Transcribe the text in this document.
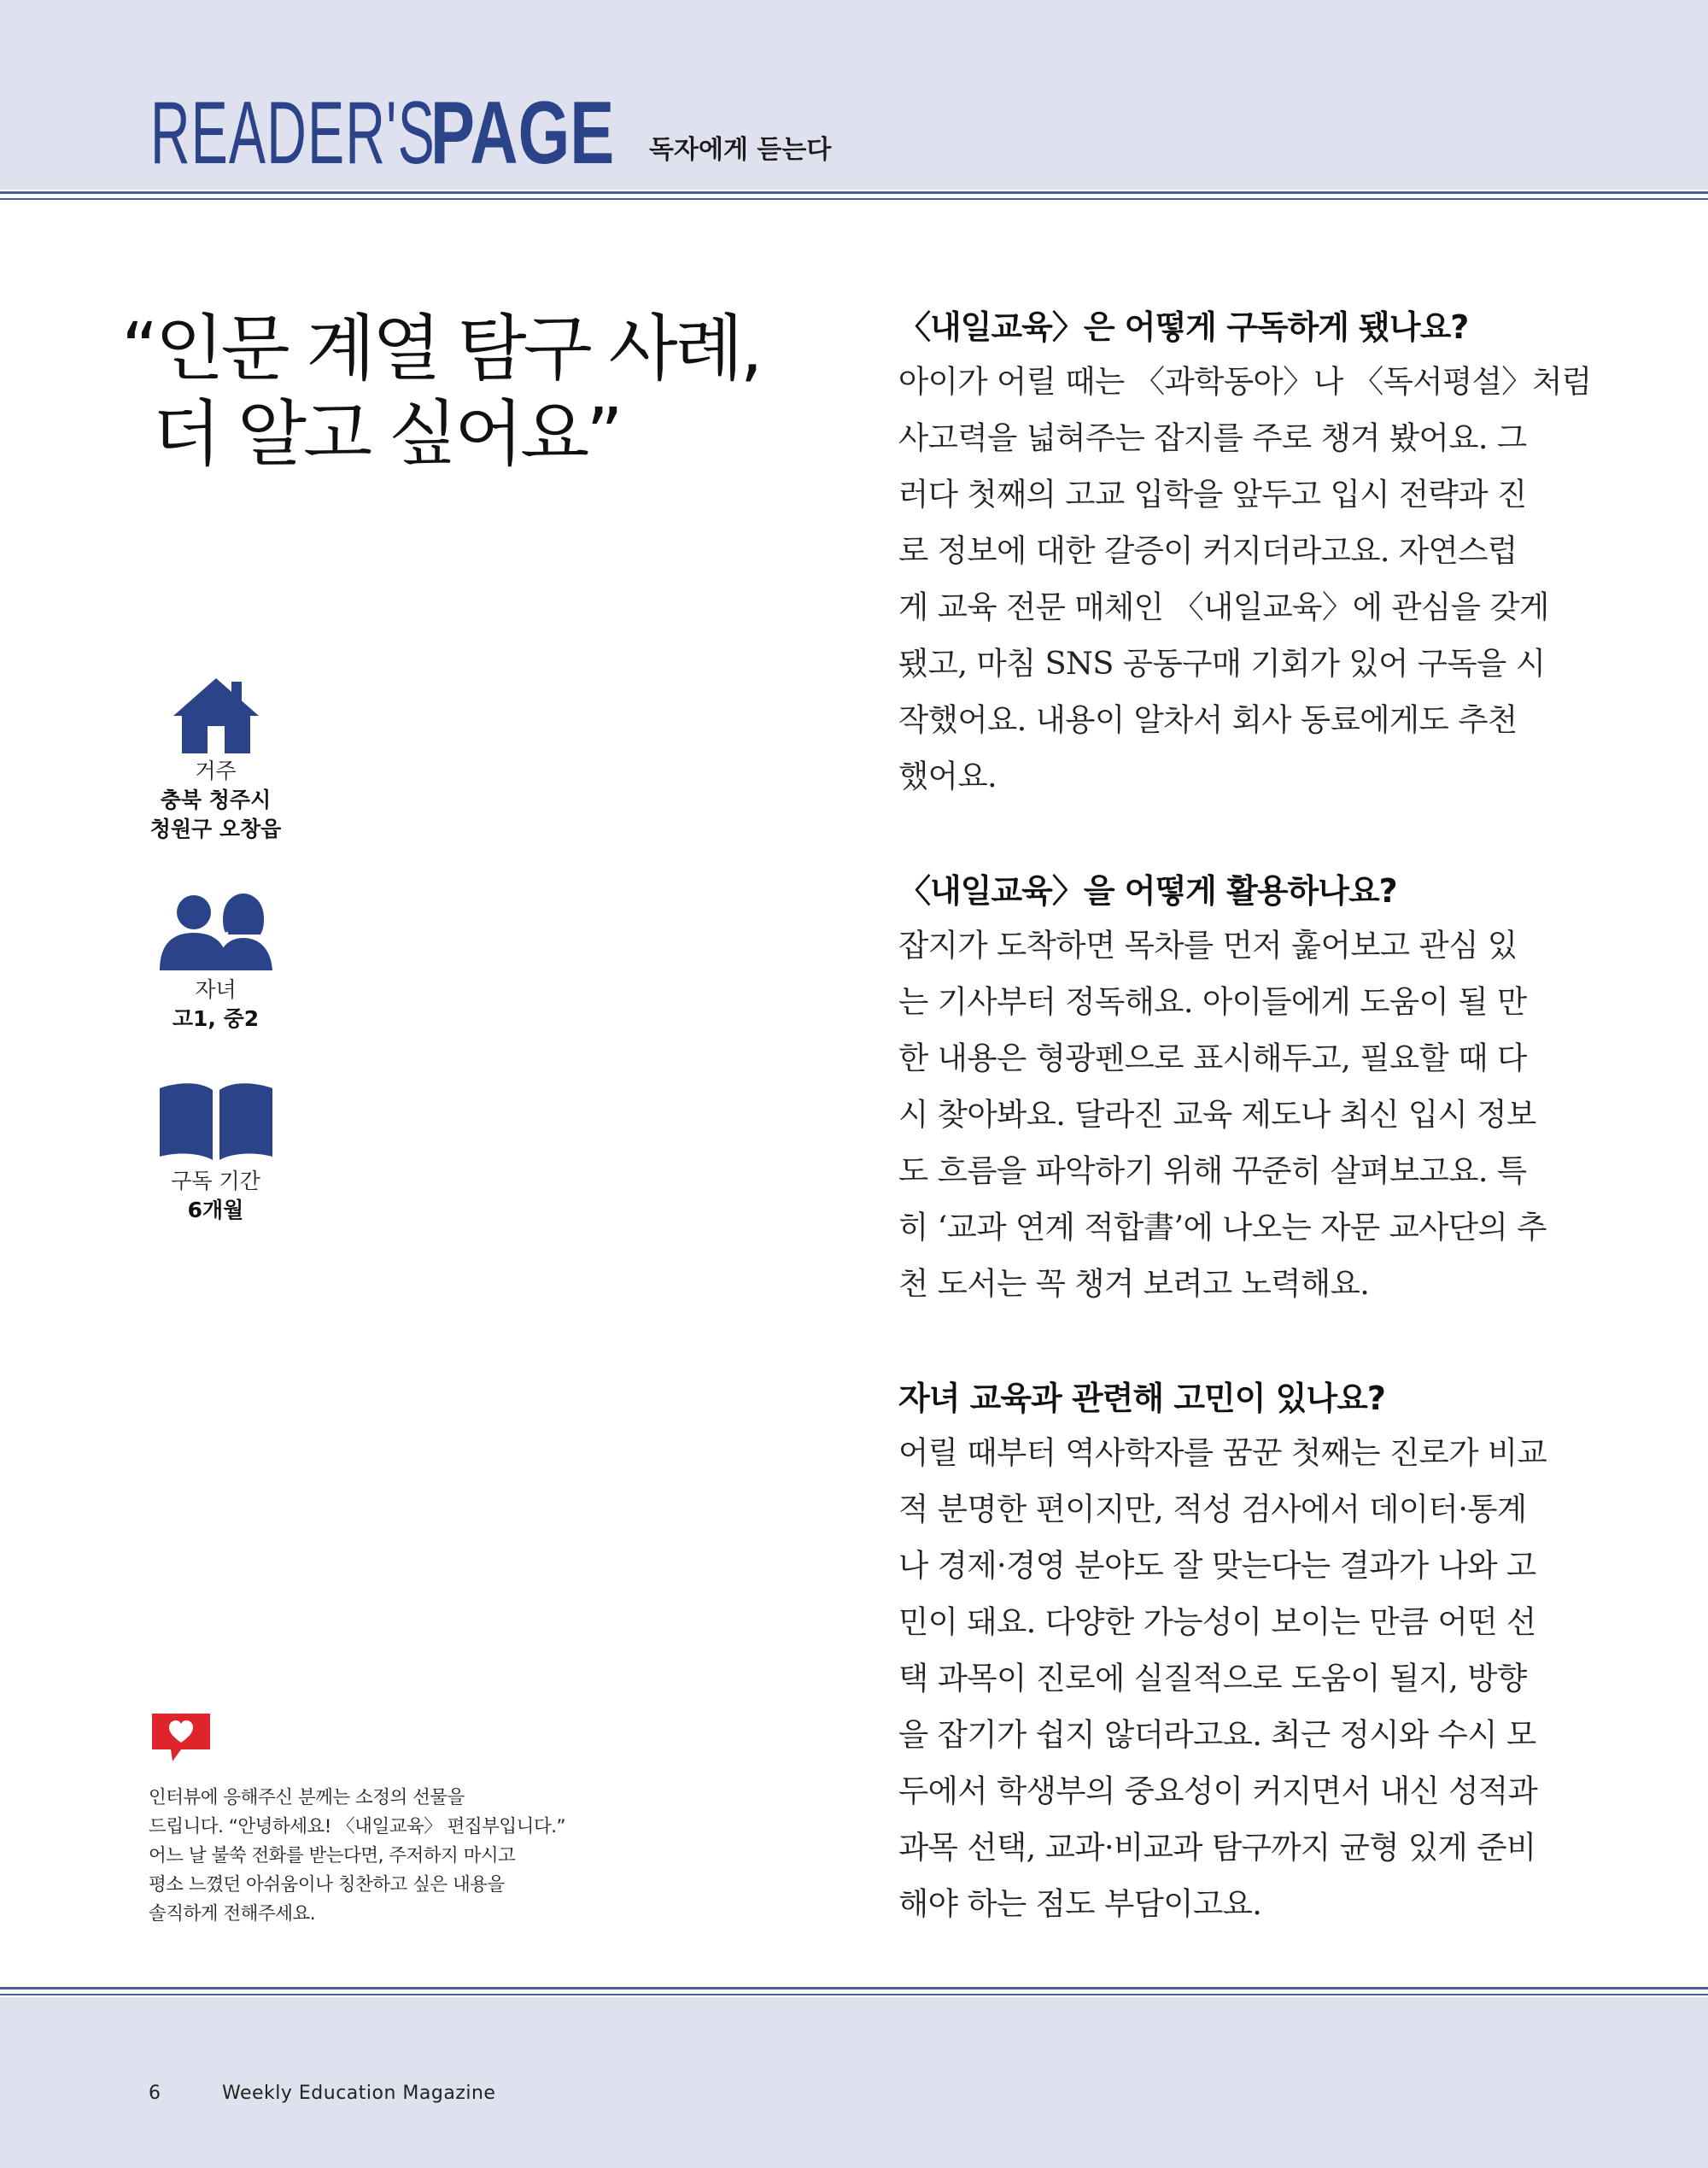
READER'S
PAGE 독자에게 듣는다
“인문 계열 탐구 사례,
더 알고 싶어요”
거주
충북 청주시
청원구 오창읍
자녀
고1, 중2
구독 기간
6개월
인터뷰에 응해주신 분께는 소정의 선물을
드립니다. “안녕하세요! 〈내일교육〉 편집부입니다.”
어느 날 불쑥 전화를 받는다면, 주저하지 마시고
평소 느꼈던 아쉬움이나 칭찬하고 싶은 내용을
솔직하게 전해주세요.
〈내일교육〉은 어떻게 구독하게 됐나요?
아이가 어릴 때는 〈과학동아〉나 〈독서평설〉처럼
사고력을 넓혀주는 잡지를 주로 챙겨 봤어요. 그
러다 첫째의 고교 입학을 앞두고 입시 전략과 진
로 정보에 대한 갈증이 커지더라고요. 자연스럽
게 교육 전문 매체인 〈내일교육〉에 관심을 갖게
됐고, 마침 SNS 공동구매 기회가 있어 구독을 시
작했어요. 내용이 알차서 회사 동료에게도 추천
했어요.
〈내일교육〉을 어떻게 활용하나요?
잡지가 도착하면 목차를 먼저 훑어보고 관심 있
는 기사부터 정독해요. 아이들에게 도움이 될 만
한 내용은 형광펜으로 표시해두고, 필요할 때 다
시 찾아봐요. 달라진 교육 제도나 최신 입시 정보
도 흐름을 파악하기 위해 꾸준히 살펴보고요. 특
히 ‘교과 연계 적합書’에 나오는 자문 교사단의 추
천 도서는 꼭 챙겨 보려고 노력해요.
자녀 교육과 관련해 고민이 있나요?
어릴 때부터 역사학자를 꿈꾼 첫째는 진로가 비교
적 분명한 편이지만, 적성 검사에서 데이터·통계
나 경제·경영 분야도 잘 맞는다는 결과가 나와 고
민이 돼요. 다양한 가능성이 보이는 만큼 어떤 선
택 과목이 진로에 실질적으로 도움이 될지, 방향
을 잡기가 쉽지 않더라고요. 최근 정시와 수시 모
두에서 학생부의 중요성이 커지면서 내신 성적과
과목 선택, 교과·비교과 탐구까지 균형 있게 준비
해야 하는 점도 부담이고요.
6	Weekly Education Magazine
